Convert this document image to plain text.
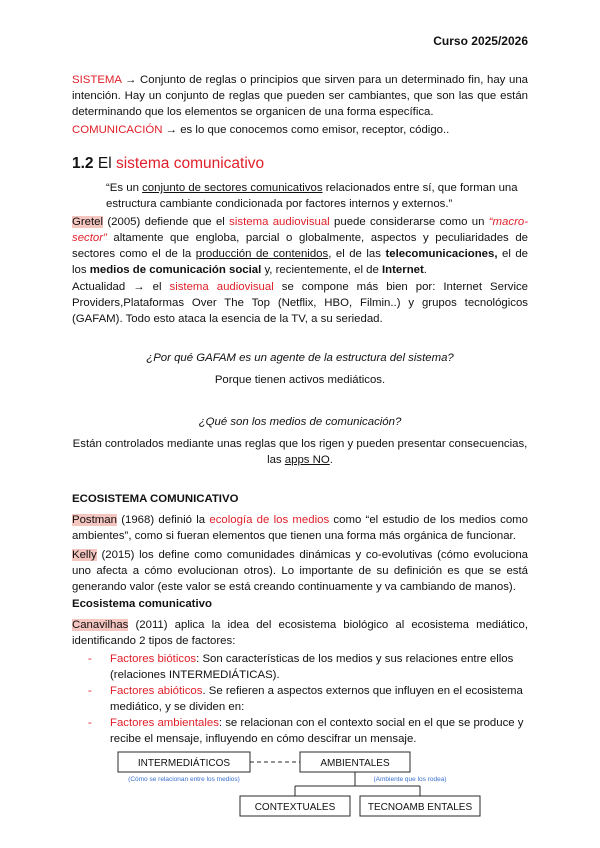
Curso 2025/2026
SISTEMA → Conjunto de reglas o principios que sirven para un determinado fin, hay una intención. Hay un conjunto de reglas que pueden ser cambiantes, que son las que están determinando que los elementos se organicen de una forma específica.
COMUNICACIÓN → es lo que conocemos como emisor, receptor, código..
1.2 El sistema comunicativo
“Es un conjunto de sectores comunicativos relacionados entre sí, que forman una estructura cambiante condicionada por factores internos y externos.”
Gretel (2005) defiende que el sistema audiovisual puede considerarse como un “macro-sector” altamente que engloba, parcial o globalmente, aspectos y peculiaridades de sectores como el de la producción de contenidos, el de las telecomunicaciones, el de los medios de comunicación social y, recientemente, el de Internet.
Actualidad → el sistema audiovisual se compone más bien por: Internet Service Providers,Plataformas Over The Top (Netflix, HBO, Filmin..) y grupos tecnológicos (GAFAM). Todo esto ataca la esencia de la TV, a su seriedad.
¿Por qué GAFAM es un agente de la estructura del sistema?
Porque tienen activos mediáticos.
¿Qué son los medios de comunicación?
Están controlados mediante unas reglas que los rigen y pueden presentar consecuencias,
las apps NO.
ECOSISTEMA COMUNICATIVO
Postman (1968) definió la ecología de los medios como “el estudio de los medios como ambientes”, como si fueran elementos que tienen una forma más orgánica de funcionar.
Kelly (2015) los define como comunidades dinámicas y co-evolutivas (cómo evoluciona uno afecta a cómo evolucionan otros). Lo importante de su definición es que se está generando valor (este valor se está creando continuamente y va cambiando de manos).
Ecosistema comunicativo
Canavilhas (2011) aplica la idea del ecosistema biológico al ecosistema mediático, identificando 2 tipos de factores:
- Factores bióticos: Son características de los medios y sus relaciones entre ellos (relaciones INTERMEDIÁTICAS).
- Factores abióticos. Se refieren a aspectos externos que influyen en el ecosistema mediático, y se dividen en:
- Factores ambientales: se relacionan con el contexto social en el que se produce y recibe el mensaje, influyendo en cómo descifrar un mensaje.
INTERMEDIÁTICOS
(Cómo se relacionan entre los medios)
AMBIENTALES
(Ambiente que los rodea)
CONTEXTUALES	TECNOAMB ENTALES
